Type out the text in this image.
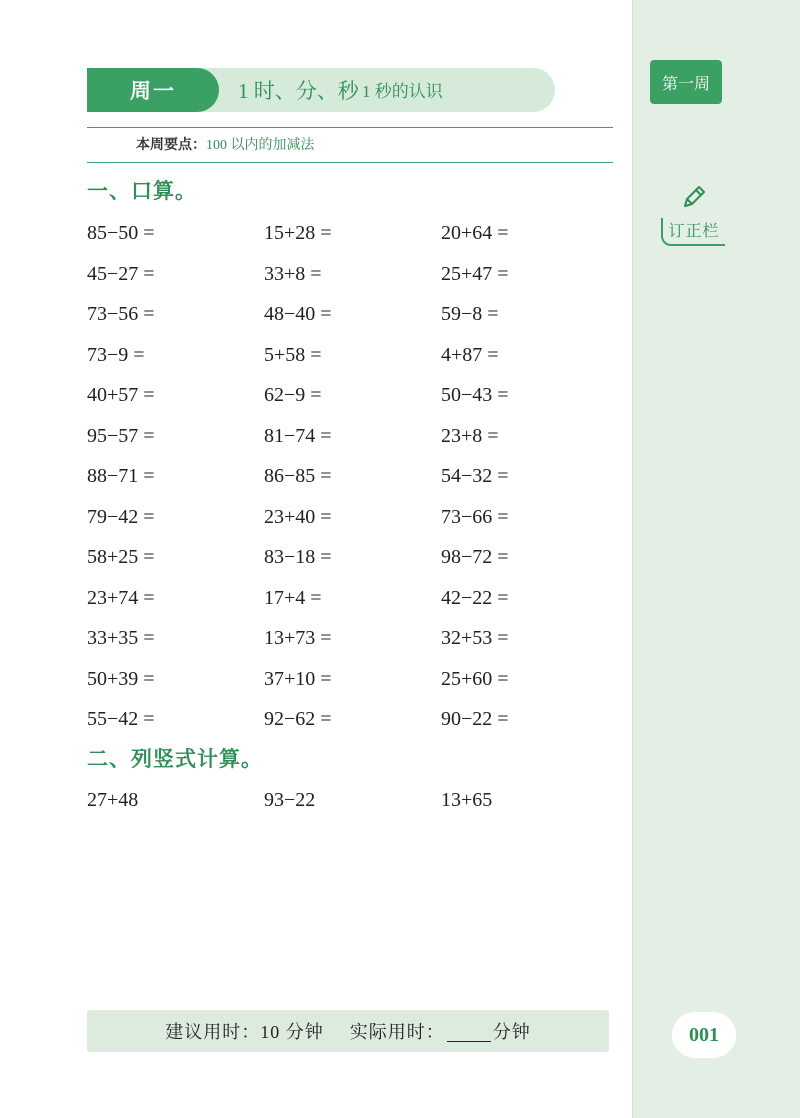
第一周
订正栏
001
周一	1 时、分、秒 1 秒的认识
本周要点：100 以内的加减法
一、口算。
85−50 =	15+28 =	20+64 =
45−27 =	33+8 =	25+47 =
73−56 =	48−40 =	59−8 =
73−9 =	5+58 =	4+87 =
40+57 =	62−9 =	50−43 =
95−57 =	81−74 =	23+8 =
88−71 =	86−85 =	54−32 =
79−42 =	23+40 =	73−66 =
58+25 =	83−18 =	98−72 =
23+74 =	17+4 =	42−22 =
33+35 =	13+73 =	32+53 =
50+39 =	37+10 =	25+60 =
55−42 =	92−62 =	90−22 =
二、列竖式计算。
27+48	93−22	13+65
建议用时： 10 分钟 实际用时：	分钟
